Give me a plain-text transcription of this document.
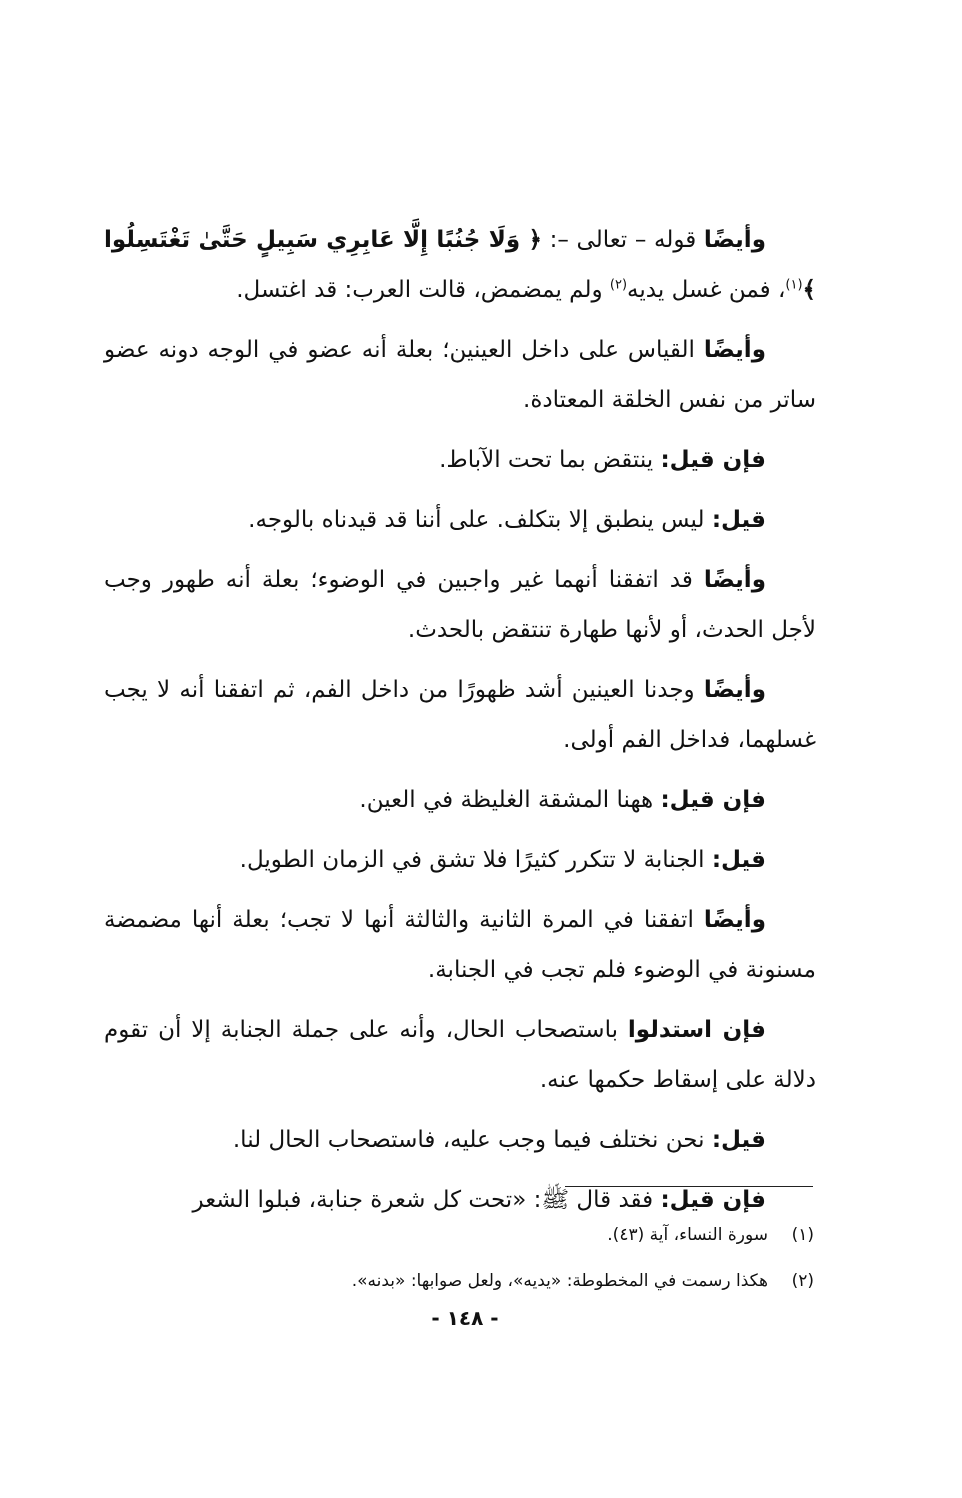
وأيضًا قوله – تعالى –: ﴿ وَلَا جُنُبًا إِلَّا عَابِرِي سَبِيلٍ حَتَّىٰ تَغْتَسِلُوا ﴾$^{(١)}$، فمن غسل يديه$^{(٢)}$ ولم يمضمض، قالت العرب: قد اغتسل.

وأيضًا القياس على داخل العينين؛ بعلة أنه عضو في الوجه دونه عضو ساتر من نفس الخلقة المعتادة.

فإن قيل: ينتقض بما تحت الآباط.

قيل: ليس ينطبق إلا بتكلف. على أننا قد قيدناه بالوجه.

وأيضًا قد اتفقنا أنهما غير واجبين في الوضوء؛ بعلة أنه طهور وجب لأجل الحدث، أو لأنها طهارة تنتقض بالحدث.

وأيضًا وجدنا العينين أشد ظهورًا من داخل الفم، ثم اتفقنا أنه لا يجب غسلهما، فداخل الفم أولى.

فإن قيل: ههنا المشقة الغليظة في العين.

قيل: الجنابة لا تتكرر كثيرًا فلا تشق في الزمان الطويل.

وأيضًا اتفقنا في المرة الثانية والثالثة أنها لا تجب؛ بعلة أنها مضمضة مسنونة في الوضوء فلم تجب في الجنابة.

فإن استدلوا باستصحاب الحال، وأنه على جملة الجنابة إلا أن تقوم دلالة على إسقاط حكمها عنه.

قيل: نحن نختلف فيما وجب عليه، فاستصحاب الحال لنا.

فإن قيل: فقد قال ﷺ: «تحت كل شعرة جنابة، فبلوا الشعر

(١)سورة النساء، آية (٤٣).
(٢)هكذا رسمت في المخطوطة: «يديه»، ولعل صوابها: «بدنه».
- ١٤٨ -
